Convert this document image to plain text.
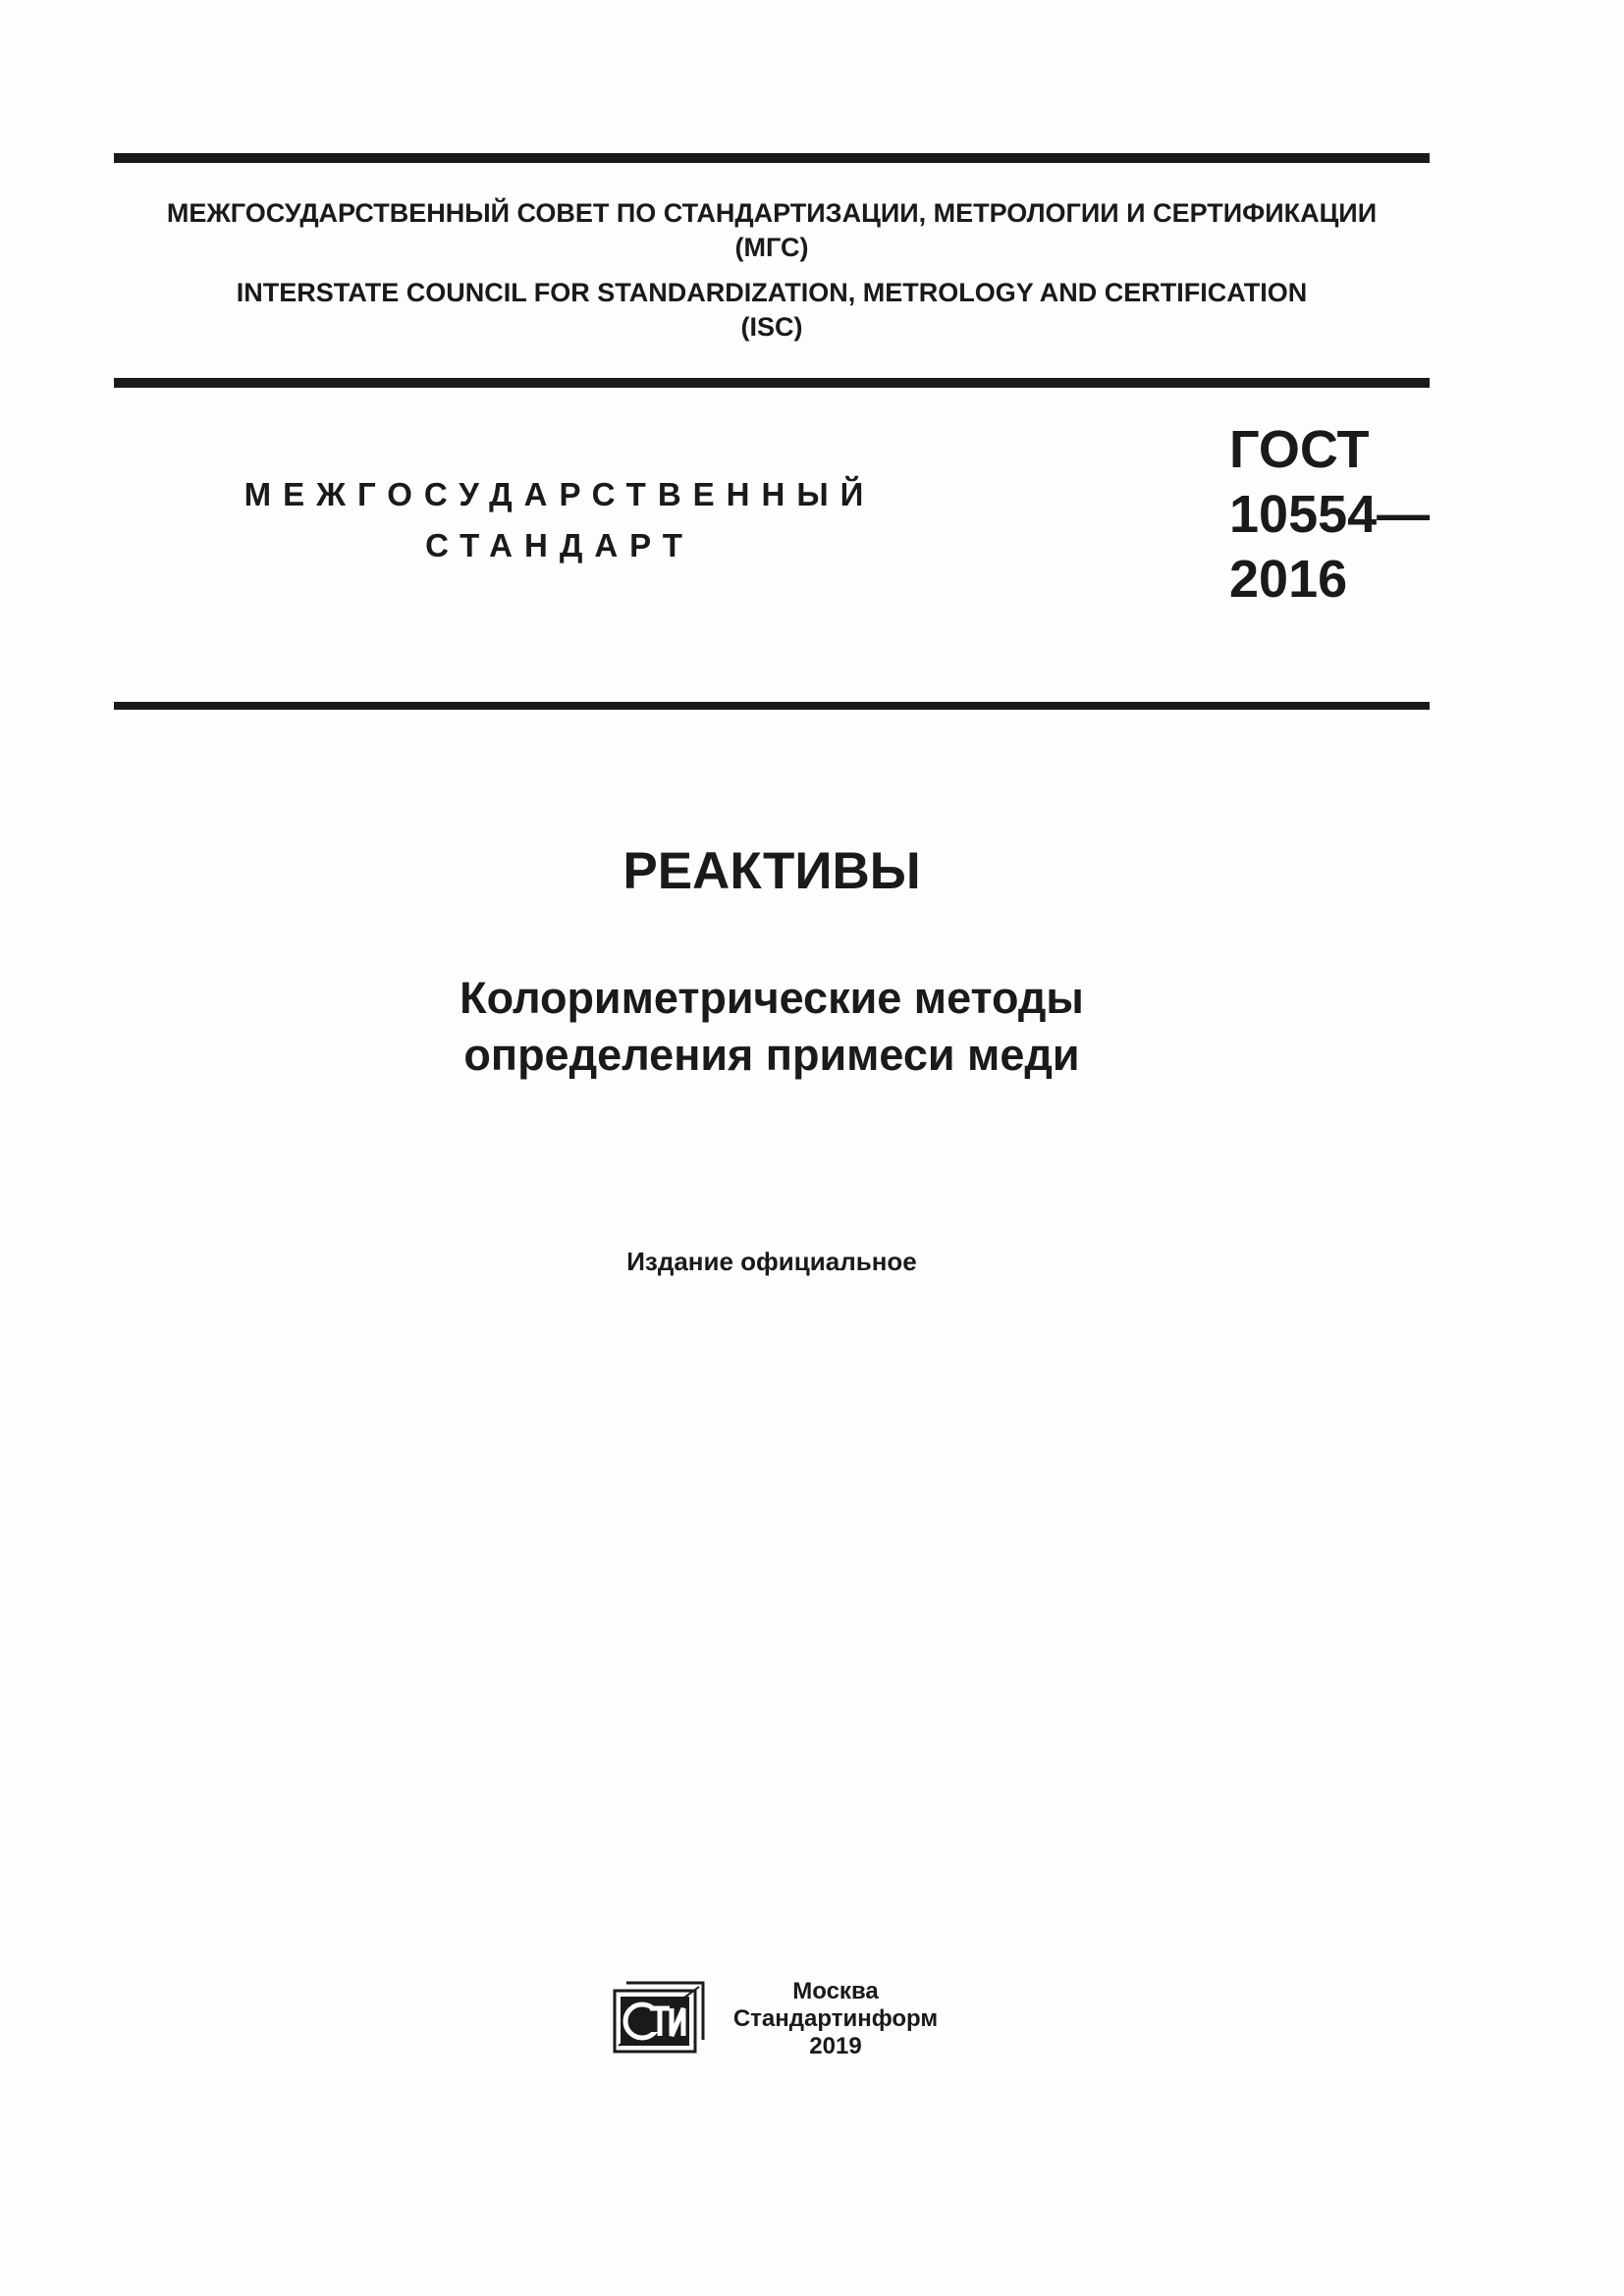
МЕЖГОСУДАРСТВЕННЫЙ СОВЕТ ПО СТАНДАРТИЗАЦИИ, МЕТРОЛОГИИ И СЕРТИФИКАЦИИ
(МГС)
INTERSTATE COUNCIL FOR STANDARDIZATION, METROLOGY AND CERTIFICATION
(ISC)
МЕЖГОСУДАРСТВЕННЫЙ
СТАНДАРТ
ГОСТ
10554—
2016
РЕАКТИВЫ
Колориметрические методы
определения примеси меди
Издание официальное
Москва
Стандартинформ
2019
